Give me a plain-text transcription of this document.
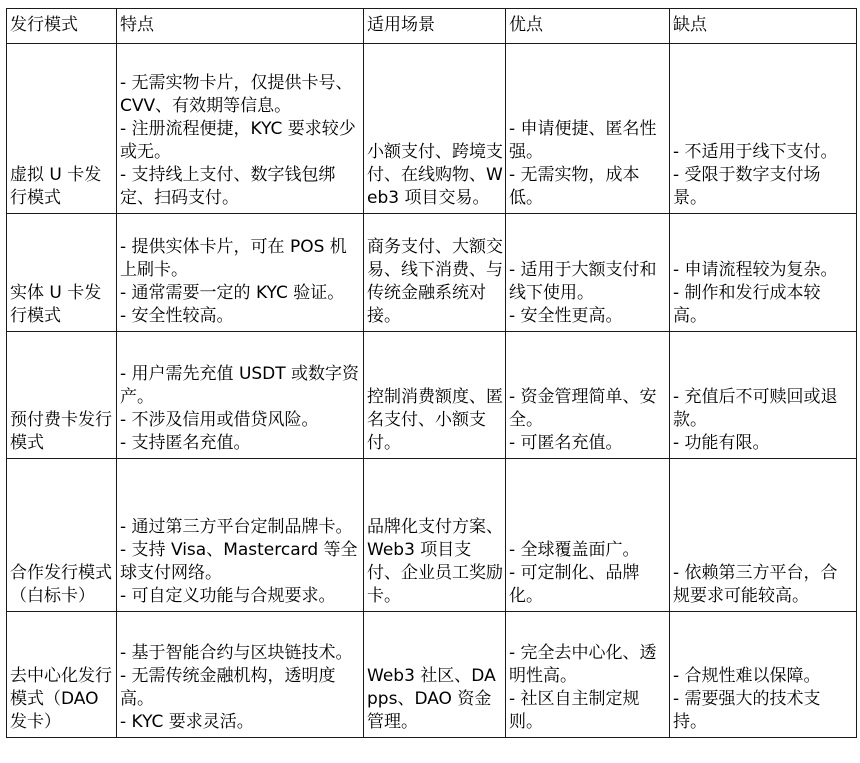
发行模式	特点	适用场景	优点	缺点
虚拟 U 卡发行模式	- 无需实物卡片，仅提供卡号、CVV、有效期等信息。
- 注册流程便捷，KYC 要求较少或无。
- 支持线上支付、数字钱包绑定、扫码支付。	小额支付、跨境支付、在线购物、Web3 项目交易。	- 申请便捷、匿名性强。
- 无需实物，成本低。	- 不适用于线下支付。
- 受限于数字支付场景。

实体 U 卡发行模式	- 提供实体卡片，可在 POS 机上刷卡。
- 通常需要一定的 KYC 验证。
- 安全性较高。	商务支付、大额交易、线下消费、与传统金融系统对接。	- 适用于大额支付和线下使用。
- 安全性更高。	- 申请流程较为复杂。
- 制作和发行成本较高。

预付费卡发行模式	- 用户需先充值 USDT 或数字资产。
- 不涉及信用或借贷风险。
- 支持匿名充值。	控制消费额度、匿名支付、小额支付。	- 资金管理简单、安全。
- 可匿名充值。	- 充值后不可赎回或退款。
- 功能有限。

合作发行模式（白标卡）	- 通过第三方平台定制品牌卡。
- 支持 Visa、Mastercard 等全球支付网络。
- 可自定义功能与合规要求。	品牌化支付方案、Web3 项目支付、企业员工奖励卡。	- 全球覆盖面广。
- 可定制化、品牌化。	- 依赖第三方平台，合规要求可能较高。

去中心化发行模式（DAO 发卡）	- 基于智能合约与区块链技术。
- 无需传统金融机构，透明度高。
- KYC 要求灵活。	Web3 社区、DApps、DAO 资金管理。	- 完全去中心化、透明性高。
- 社区自主制定规则。	- 合规性难以保障。
- 需要强大的技术支持。
